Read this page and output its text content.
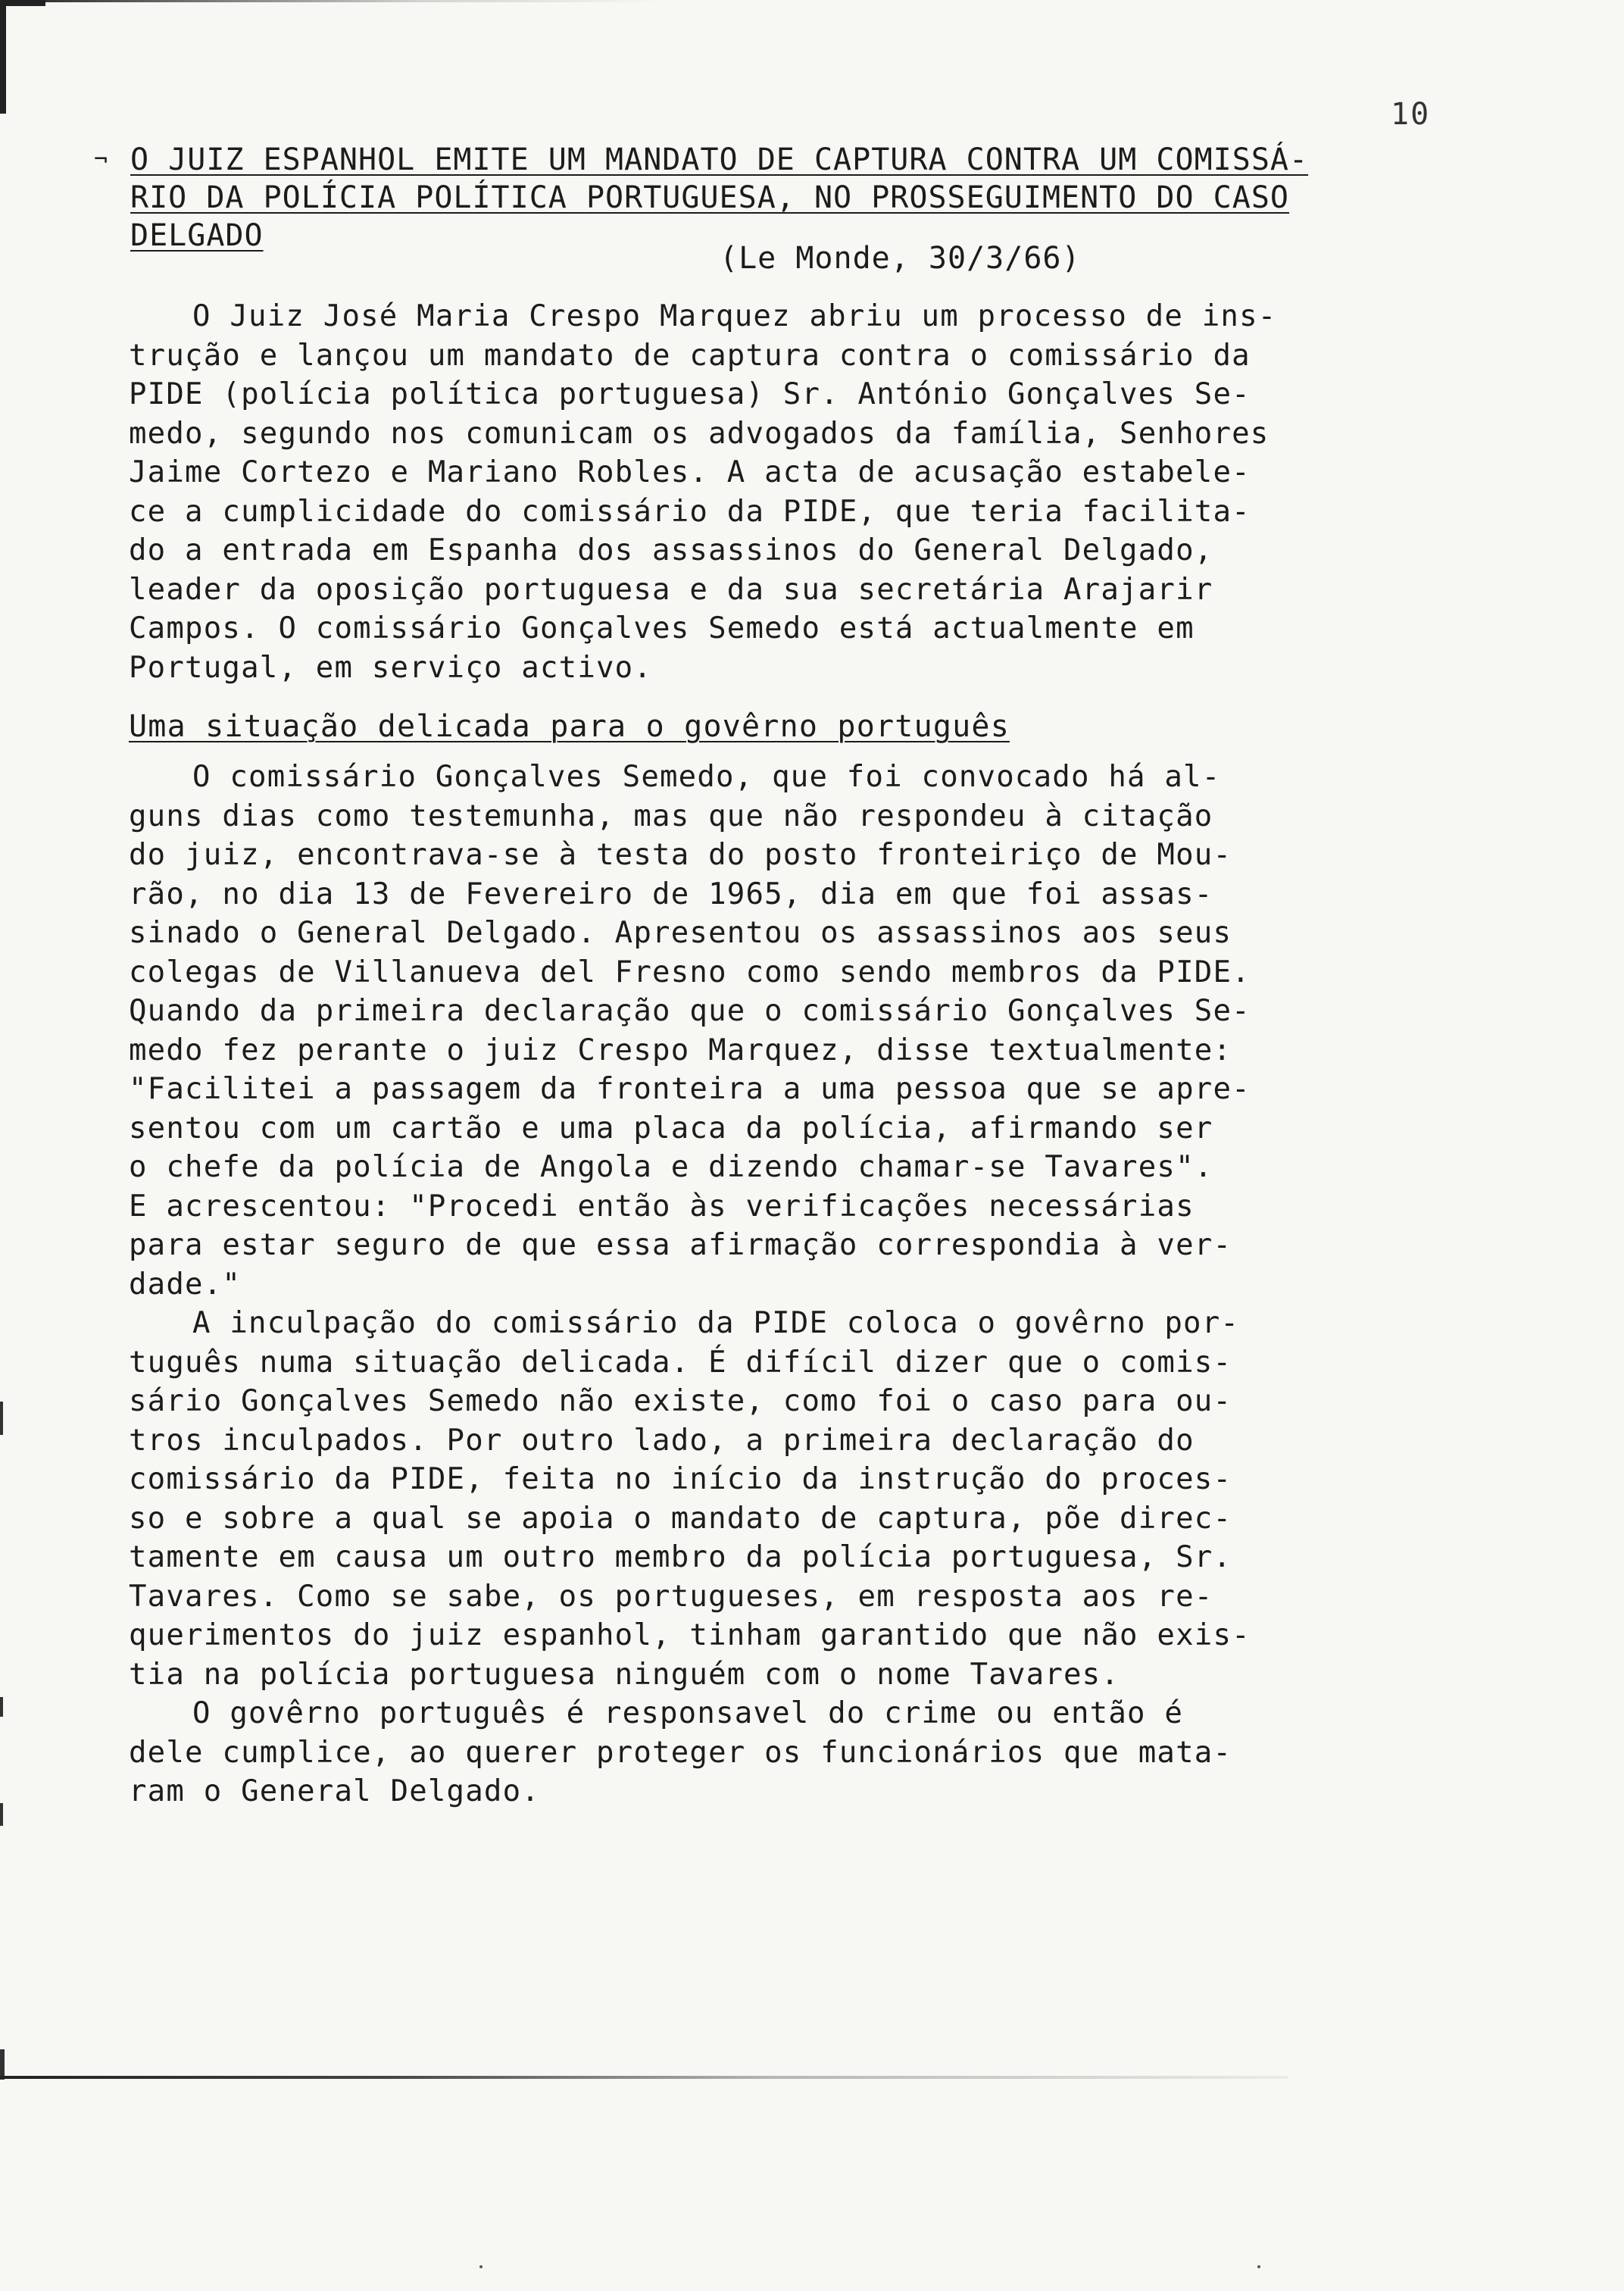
10
¬ O JUIZ ESPANHOL EMITE UM MANDATO DE CAPTURA CONTRA UM COMISSÁ-
RIO DA POLÍCIA POLÍTICA PORTUGUESA, NO PROSSEGUIMENTO DO CASO
DELGADO
(Le Monde, 30/3/66)
O Juiz José Maria Crespo Marquez abriu um processo de ins-
trução e lançou um mandato de captura contra o comissário da
PIDE (polícia política portuguesa) Sr. António Gonçalves Se-
medo, segundo nos comunicam os advogados da família, Senhores
Jaime Cortezo e Mariano Robles. A acta de acusação estabele-
ce a cumplicidade do comissário da PIDE, que teria facilita-
do a entrada em Espanha dos assassinos do General Delgado,
leader da oposição portuguesa e da sua secretária Arajarir
Campos. O comissário Gonçalves Semedo está actualmente em
Portugal, em serviço activo.
Uma situação delicada para o govêrno português
O comissário Gonçalves Semedo, que foi convocado há al-
guns dias como testemunha, mas que não respondeu à citação
do juiz, encontrava-se à testa do posto fronteiriço de Mou-
rão, no dia 13 de Fevereiro de 1965, dia em que foi assas-
sinado o General Delgado. Apresentou os assassinos aos seus
colegas de Villanueva del Fresno como sendo membros da PIDE.
Quando da primeira declaração que o comissário Gonçalves Se-
medo fez perante o juiz Crespo Marquez, disse textualmente:
"Facilitei a passagem da fronteira a uma pessoa que se apre-
sentou com um cartão e uma placa da polícia, afirmando ser
o chefe da polícia de Angola e dizendo chamar-se Tavares".
E acrescentou: "Procedi então às verificações necessárias
para estar seguro de que essa afirmação correspondia à ver-
dade."
A inculpação do comissário da PIDE coloca o govêrno por-
tuguês numa situação delicada. É difícil dizer que o comis-
sário Gonçalves Semedo não existe, como foi o caso para ou-
tros inculpados. Por outro lado, a primeira declaração do
comissário da PIDE, feita no início da instrução do proces-
so e sobre a qual se apoia o mandato de captura, põe direc-
tamente em causa um outro membro da polícia portuguesa, Sr.
Tavares. Como se sabe, os portugueses, em resposta aos re-
querimentos do juiz espanhol, tinham garantido que não exis-
tia na polícia portuguesa ninguém com o nome Tavares.
O govêrno português é responsavel do crime ou então é
dele cumplice, ao querer proteger os funcionários que mata-
ram o General Delgado.
